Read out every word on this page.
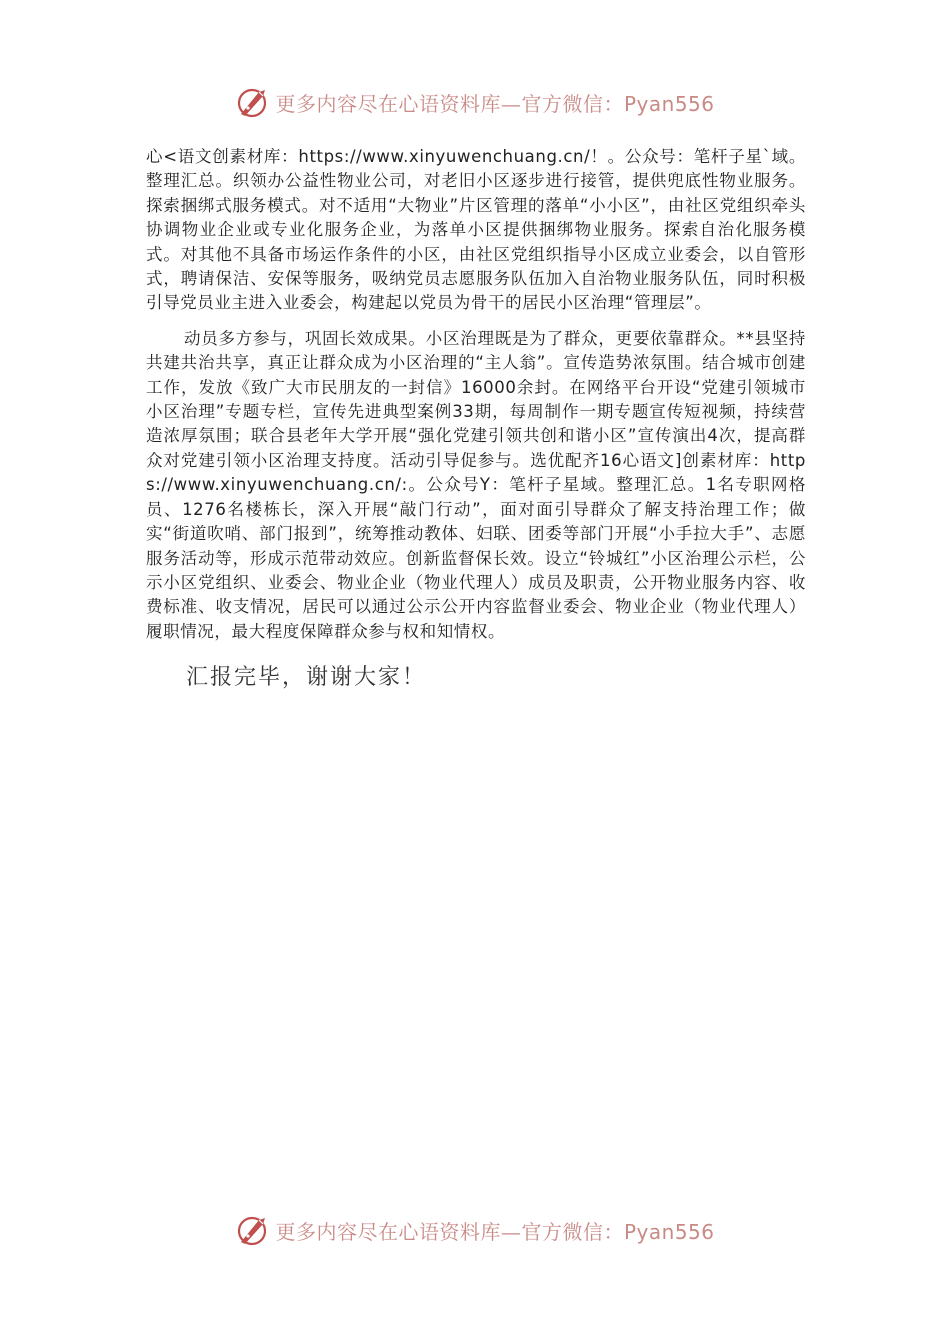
更多内容尽在心语资料库—官方微信：Pyan556

心<语文创素材库：https://www.xinyuwenchuang.cn/！。公众号：笔杆子星`域。整理汇总。织领办公益性物业公司，对老旧小区逐步进行接管，提供兜底性物业服务。探索捆绑式服务模式。对不适用“大物业”片区管理的落单“小小区”，由社区党组织牵头协调物业企业或专业化服务企业，为落单小区提供捆绑物业服务。探索自治化服务模式。对其他不具备市场运作条件的小区，由社区党组织指导小区成立业委会，以自管形式，聘请保洁、安保等服务，吸纳党员志愿服务队伍加入自治物业服务队伍，同时积极引导党员业主进入业委会，构建起以党员为骨干的居民小区治理“管理层”。

动员多方参与，巩固长效成果。小区治理既是为了群众，更要依靠群众。**县坚持共建共治共享，真正让群众成为小区治理的“主人翁”。宣传造势浓氛围。结合城市创建工作，发放《致广大市民朋友的一封信》16000余封。在网络平台开设“党建引领城市小区治理”专题专栏，宣传先进典型案例33期，每周制作一期专题宣传短视频，持续营造浓厚氛围；联合县老年大学开展“强化党建引领共创和谐小区”宣传演出4次，提高群众对党建引领小区治理支持度。活动引导促参与。选优配齐16心语文]创素材库：https://www.xinyuwenchuang.cn/:。公众号Y：笔杆子星域。整理汇总。1名专职网格员、1276名楼栋长，深入开展“敲门行动”，面对面引导群众了解支持治理工作；做实“街道吹哨、部门报到”，统筹推动教体、妇联、团委等部门开展“小手拉大手”、志愿服务活动等，形成示范带动效应。创新监督保长效。设立“铃城红”小区治理公示栏，公示小区党组织、业委会、物业企业（物业代理人）成员及职责，公开物业服务内容、收费标准、收支情况，居民可以通过公示公开内容监督业委会、物业企业（物业代理人）履职情况，最大程度保障群众参与权和知情权。

汇报完毕，谢谢大家！
更多内容尽在心语资料库—官方微信：Pyan556
